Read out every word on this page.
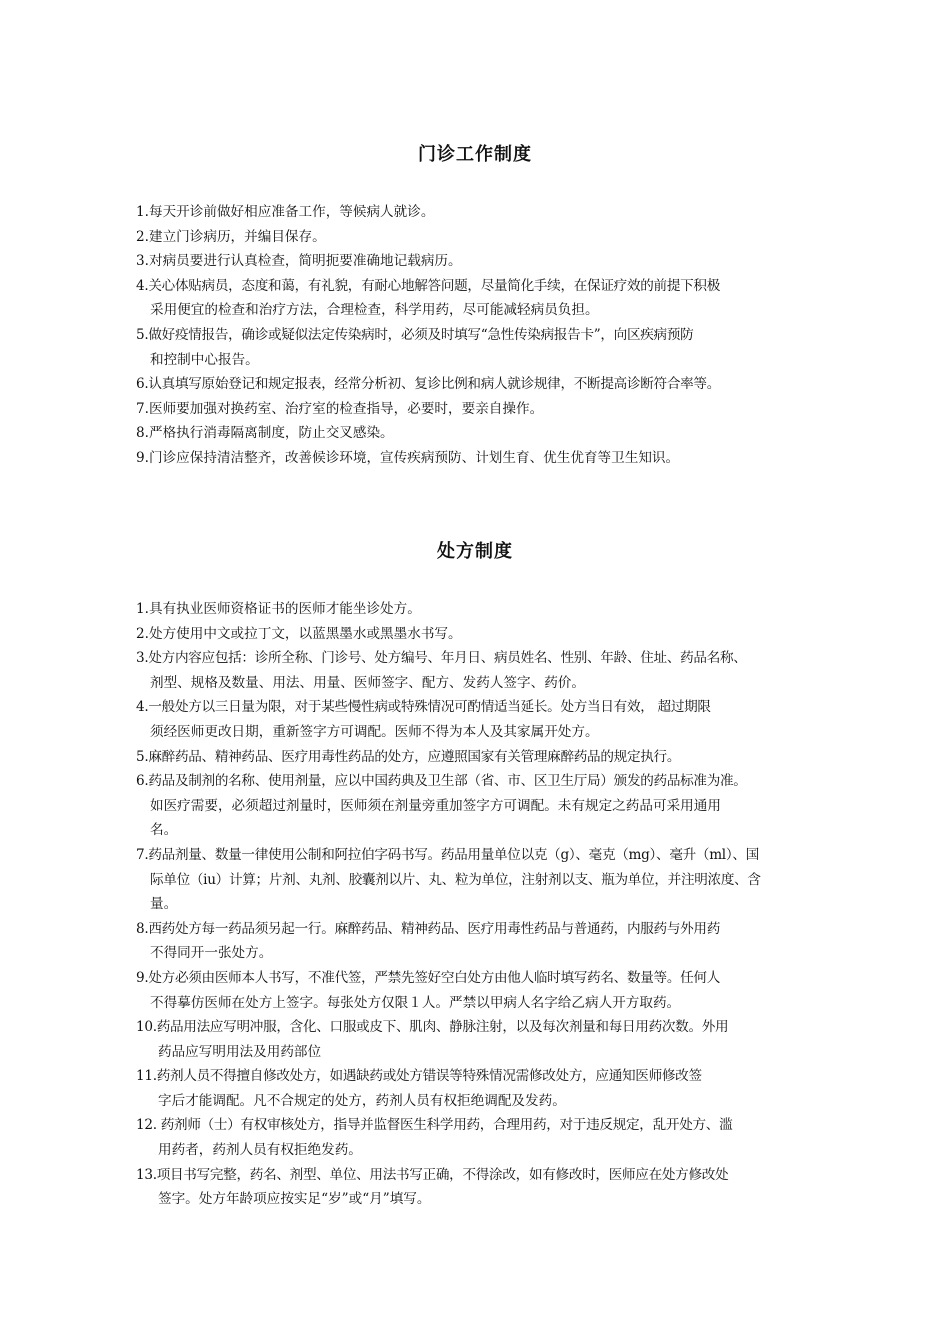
门诊工作制度

1.每天开诊前做好相应准备工作，等候病人就诊。

2.建立门诊病历，并编目保存。

3.对病员要进行认真检查，简明扼要准确地记载病历。

4.关心体贴病员，态度和蔼，有礼貌，有耐心地解答问题，尽量简化手续，在保证疗效的前提下积极
采用便宜的检查和治疗方法，合理检查，科学用药，尽可能减轻病员负担。

5.做好疫情报告，确诊或疑似法定传染病时，必须及时填写“急性传染病报告卡”，向区疾病预防
和控制中心报告。

6.认真填写原始登记和规定报表，经常分析初、复诊比例和病人就诊规律，不断提高诊断符合率等。

7.医师要加强对换药室、治疗室的检查指导，必要时，要亲自操作。

8.严格执行消毒隔离制度，防止交叉感染。

9.门诊应保持清洁整齐，改善候诊环境，宣传疾病预防、计划生育、优生优育等卫生知识。

处方制度

1.具有执业医师资格证书的医师才能坐诊处方。

2.处方使用中文或拉丁文，以蓝黑墨水或黑墨水书写。

3.处方内容应包括：诊所全称、门诊号、处方编号、年月日、病员姓名、性别、年龄、住址、药品名称、
剂型、规格及数量、用法、用量、医师签字、配方、发药人签字、药价。

4.一般处方以三日量为限，对于某些慢性病或特殊情况可酌情适当延长。处方当日有效， 超过期限
须经医师更改日期，重新签字方可调配。医师不得为本人及其家属开处方。

5.麻醉药品、精神药品、医疗用毒性药品的处方，应遵照国家有关管理麻醉药品的规定执行。

6.药品及制剂的名称、使用剂量，应以中国药典及卫生部（省、市、区卫生厅局）颁发的药品标准为准。
如医疗需要，必须超过剂量时，医师须在剂量旁重加签字方可调配。未有规定之药品可采用通用
名。

7.药品剂量、数量一律使用公制和阿拉伯字码书写。药品用量单位以克（g）、毫克（mg）、毫升（ml）、国
际单位（iu）计算；片剂、丸剂、胶囊剂以片、丸、粒为单位，注射剂以支、瓶为单位，并注明浓度、含
量。

8.西药处方每一药品须另起一行。麻醉药品、精神药品、医疗用毒性药品与普通药，内服药与外用药
不得同开一张处方。

9.处方必须由医师本人书写，不准代签，严禁先签好空白处方由他人临时填写药名、数量等。任何人
不得摹仿医师在处方上签字。每张处方仅限１人。严禁以甲病人名字给乙病人开方取药。

10.药品用法应写明冲服，含化、口服或皮下、肌肉、静脉注射，以及每次剂量和每日用药次数。外用
药品应写明用法及用药部位

11.药剂人员不得擅自修改处方，如遇缺药或处方错误等特殊情况需修改处方，应通知医师修改签
字后才能调配。凡不合规定的处方，药剂人员有权拒绝调配及发药。

12. 药剂师（士）有权审核处方，指导并监督医生科学用药，合理用药，对于违反规定，乱开处方、滥
用药者，药剂人员有权拒绝发药。

13.项目书写完整，药名、剂型、单位、用法书写正确，不得涂改，如有修改时，医师应在处方修改处
签字。处方年龄项应按实足“岁”或“月”填写。
